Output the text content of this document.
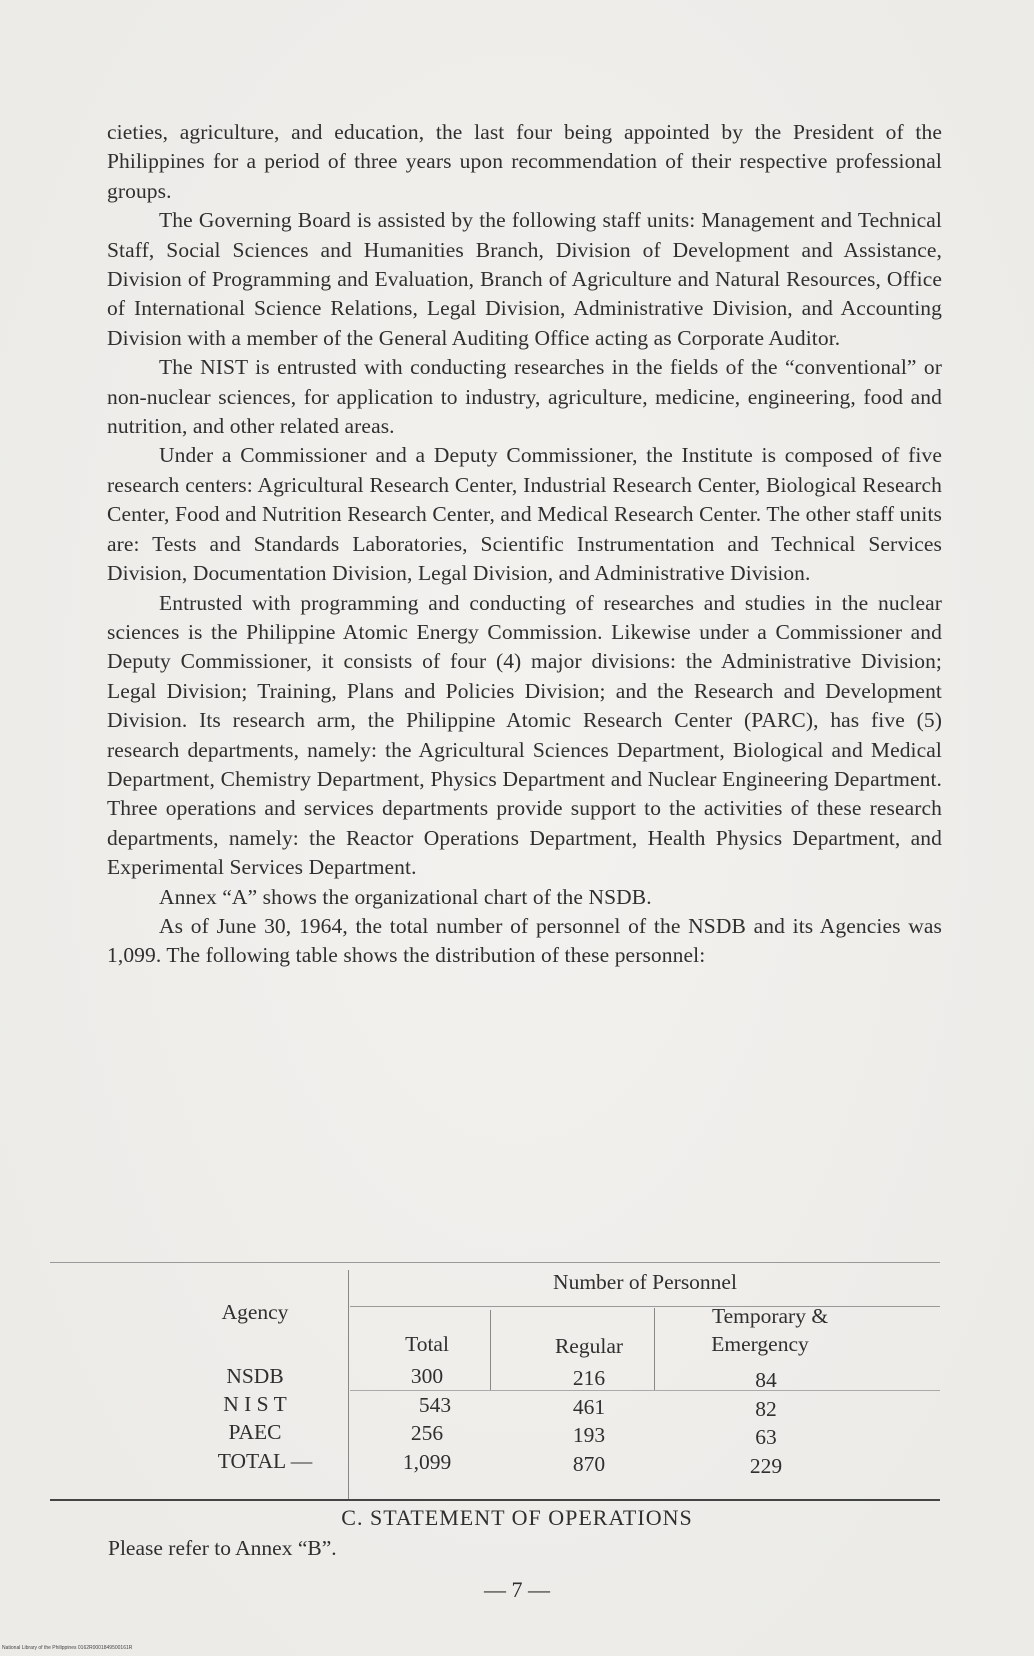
cieties, agriculture, and education, the last four being appointed by the President of the Philippines for a period of three years upon recommendation of their respective professional groups.

The Governing Board is assisted by the following staff units: Management and Technical Staff, Social Sciences and Humanities Branch, Division of Development and Assistance, Division of Programming and Evaluation, Branch of Agriculture and Natural Resources, Office of International Science Relations, Legal Division, Administrative Division, and Accounting Division with a member of the General Auditing Office acting as Corporate Auditor.

The NIST is entrusted with conducting researches in the fields of the “conventional” or non-nuclear sciences, for application to industry, agriculture, medicine, engineering, food and nutrition, and other related areas.

Under a Commissioner and a Deputy Commissioner, the Institute is composed of five research centers: Agricultural Research Center, Industrial Research Center, Biological Research Center, Food and Nutrition Research Center, and Medical Research Center. The other staff units are: Tests and Standards Laboratories, Scientific Instrumentation and Technical Services Division, Documentation Division, Legal Division, and Administrative Division.

Entrusted with programming and conducting of researches and studies in the nuclear sciences is the Philippine Atomic Energy Commission. Likewise under a Commissioner and Deputy Commissioner, it consists of four (4) major divisions: the Administrative Division; Legal Division; Training, Plans and Policies Division; and the Research and Development Division. Its research arm, the Philippine Atomic Research Center (PARC), has five (5) research departments, namely: the Agricultural Sciences Department, Biological and Medical Department, Chemistry Department, Physics Department and Nuclear Engineering Department. Three operations and services departments provide support to the activities of these research departments, namely: the Reactor Operations Department, Health Physics Department, and Experimental Services Department.

Annex “A” shows the organizational chart of the NSDB.

As of June 30, 1964, the total number of personnel of the NSDB and its Agencies was 1,099. The following table shows the distribution of these personnel:

Number of Personnel
Agency
Total	Regular
Temporary &
Emergency
NSDB	300	216	84
N I S T	543	461	82
PAEC	256	193	63
TOTAL —	1,099	870	229
C. STATEMENT OF OPERATIONS
Please refer to Annex “B”.
— 7 —
National Library of the Philippines 0162R0001849500161R
